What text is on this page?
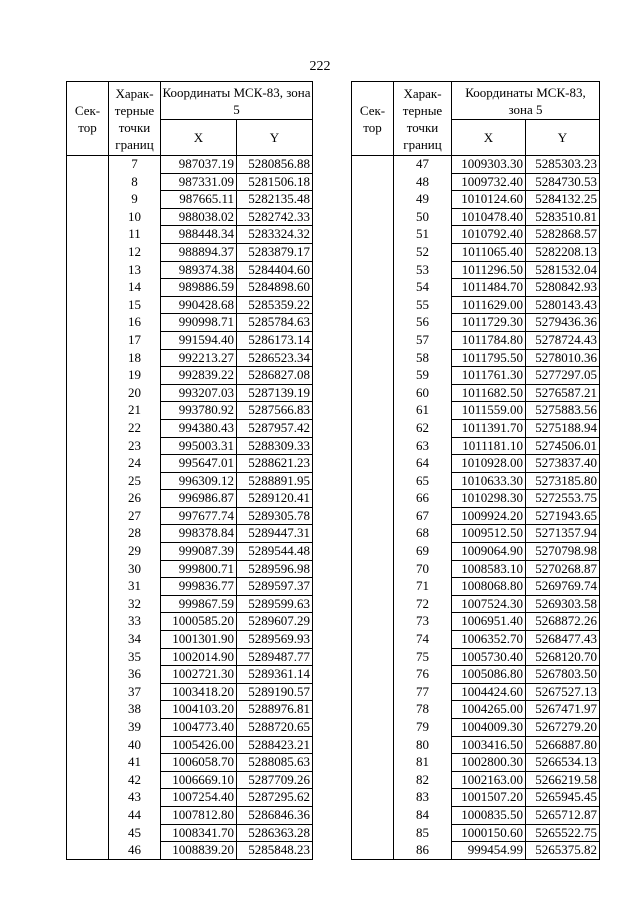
222
Сек- тор	Харак- терные точки границ	Координаты МСК-83, зона 5	
		X	Y
	7	987037.19	5280856.88
	8	987331.09	5281506.18
	9	987665.11	5282135.48
	10	988038.02	5282742.33
	11	988448.34	5283324.32
	12	988894.37	5283879.17
	13	989374.38	5284404.60
	14	989886.59	5284898.60
	15	990428.68	5285359.22
	16	990998.71	5285784.63
	17	991594.40	5286173.14
	18	992213.27	5286523.34
	19	992839.22	5286827.08
	20	993207.03	5287139.19
	21	993780.92	5287566.83
	22	994380.43	5287957.42
	23	995003.31	5288309.33
	24	995647.01	5288621.23
	25	996309.12	5288891.95
	26	996986.87	5289120.41
	27	997677.74	5289305.78
	28	998378.84	5289447.31
	29	999087.39	5289544.48
	30	999800.71	5289596.98
	31	999836.77	5289597.37
	32	999867.59	5289599.63
	33	1000585.20	5289607.29
	34	1001301.90	5289569.93
	35	1002014.90	5289487.77
	36	1002721.30	5289361.14
	37	1003418.20	5289190.57
	38	1004103.20	5288976.81
	39	1004773.40	5288720.65
	40	1005426.00	5288423.21
	41	1006058.70	5288085.63
	42	1006669.10	5287709.26
	43	1007254.40	5287295.62
	44	1007812.80	5286846.36
	45	1008341.70	5286363.28
	46	1008839.20	5285848.23
Сек- тор	Харак- терные точки границ	Координаты МСК-83, зона 5	
		X	Y
	47	1009303.30	5285303.23
	48	1009732.40	5284730.53
	49	1010124.60	5284132.25
	50	1010478.40	5283510.81
	51	1010792.40	5282868.57
	52	1011065.40	5282208.13
	53	1011296.50	5281532.04
	54	1011484.70	5280842.93
	55	1011629.00	5280143.43
	56	1011729.30	5279436.36
	57	1011784.80	5278724.43
	58	1011795.50	5278010.36
	59	1011761.30	5277297.05
	60	1011682.50	5276587.21
	61	1011559.00	5275883.56
	62	1011391.70	5275188.94
	63	1011181.10	5274506.01
	64	1010928.00	5273837.40
	65	1010633.30	5273185.80
	66	1010298.30	5272553.75
	67	1009924.20	5271943.65
	68	1009512.50	5271357.94
	69	1009064.90	5270798.98
	70	1008583.10	5270268.87
	71	1008068.80	5269769.74
	72	1007524.30	5269303.58
	73	1006951.40	5268872.26
	74	1006352.70	5268477.43
	75	1005730.40	5268120.70
	76	1005086.80	5267803.50
	77	1004424.60	5267527.13
	78	1004265.00	5267471.97
	79	1004009.30	5267279.20
	80	1003416.50	5266887.80
	81	1002800.30	5266534.13
	82	1002163.00	5266219.58
	83	1001507.20	5265945.45
	84	1000835.50	5265712.87
	85	1000150.60	5265522.75
	86	999454.99	5265375.82
